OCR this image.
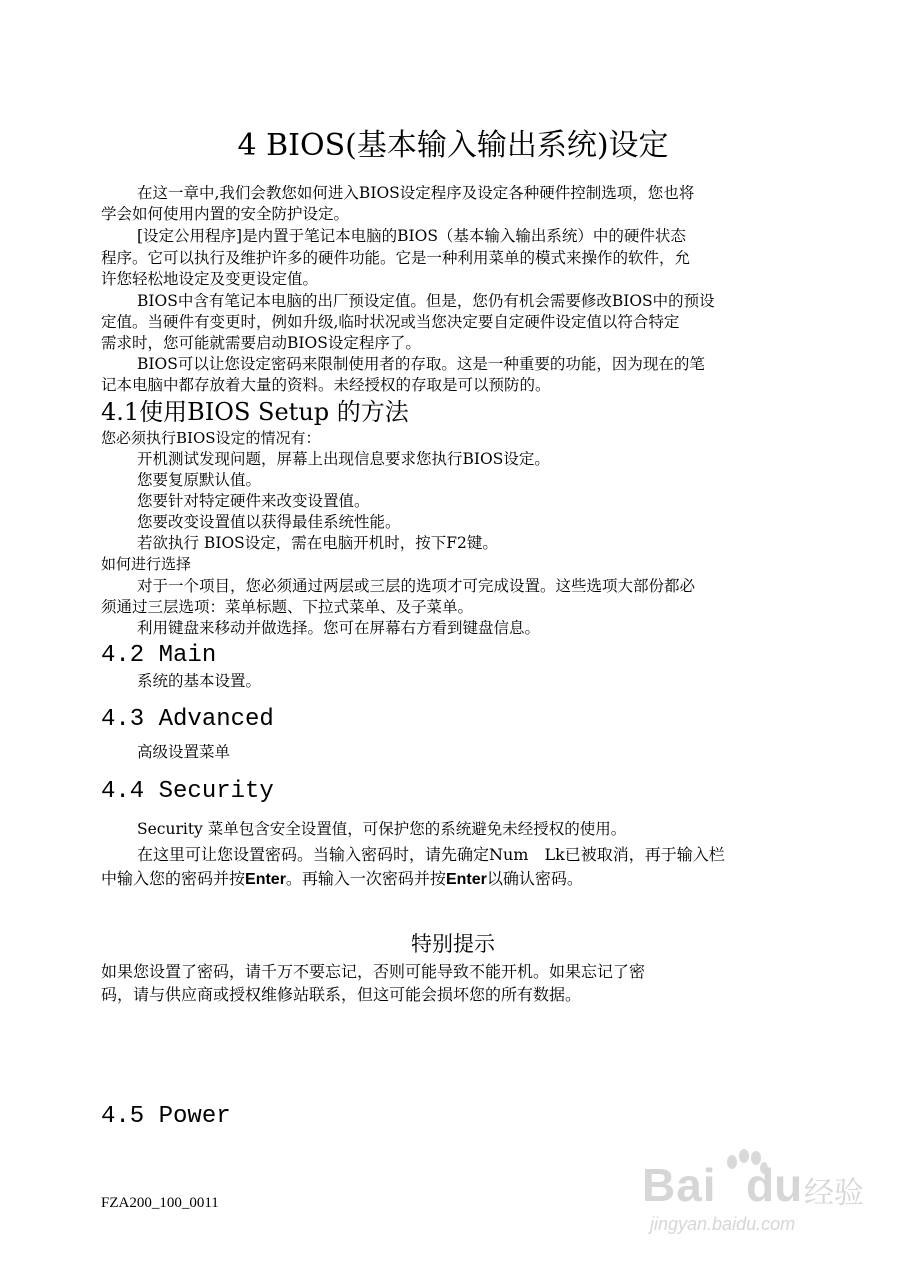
4 BIOS(基本输入输出系统)设定
在这一章中,我们会教您如何进入BIOS设定程序及设定各种硬件控制选项，您也将
学会如何使用内置的安全防护设定。
[设定公用程序]是内置于笔记本电脑的BIOS（基本输入输出系统）中的硬件状态
程序。它可以执行及维护许多的硬件功能。它是一种利用菜单的模式来操作的软件，允
许您轻松地设定及变更设定值。
BIOS中含有笔记本电脑的出厂预设定值。但是，您仍有机会需要修改BIOS中的预设
定值。当硬件有变更时，例如升级,临时状况或当您决定要自定硬件设定值以符合特定
需求时，您可能就需要启动BIOS设定程序了。
BIOS可以让您设定密码来限制使用者的存取。这是一种重要的功能，因为现在的笔
记本电脑中都存放着大量的资料。未经授权的存取是可以预防的。
4.1使用BIOS Setup 的方法
您必须执行BIOS设定的情况有：
开机测试发现问题，屏幕上出现信息要求您执行BIOS设定。
您要复原默认值。
您要针对特定硬件来改变设置值。
您要改变设置值以获得最佳系统性能。
若欲执行 BIOS设定，需在电脑开机时，按下F2键。
如何进行选择
对于一个项目，您必须通过两层或三层的选项才可完成设置。这些选项大部份都必
须通过三层选项：菜单标题、下拉式菜单、及子菜单。
利用键盘来移动并做选择。您可在屏幕右方看到键盘信息。
4.2 Main
系统的基本设置。
4.3 Advanced
高级设置菜单
4.4 Security
Security 菜单包含安全设置值，可保护您的系统避免未经授权的使用。
在这里可让您设置密码。当输入密码时，请先确定Num　Lk已被取消，再于输入栏
中输入您的密码并按Enter。再输入一次密码并按Enter以确认密码。
特别提示
如果您设置了密码，请千万不要忘记，否则可能导致不能开机。如果忘记了密
码，请与供应商或授权维修站联系，但这可能会损坏您的所有数据。
4.5 Power
FZA200_100_0011	Bai du 经验
jingyan.baidu.com
